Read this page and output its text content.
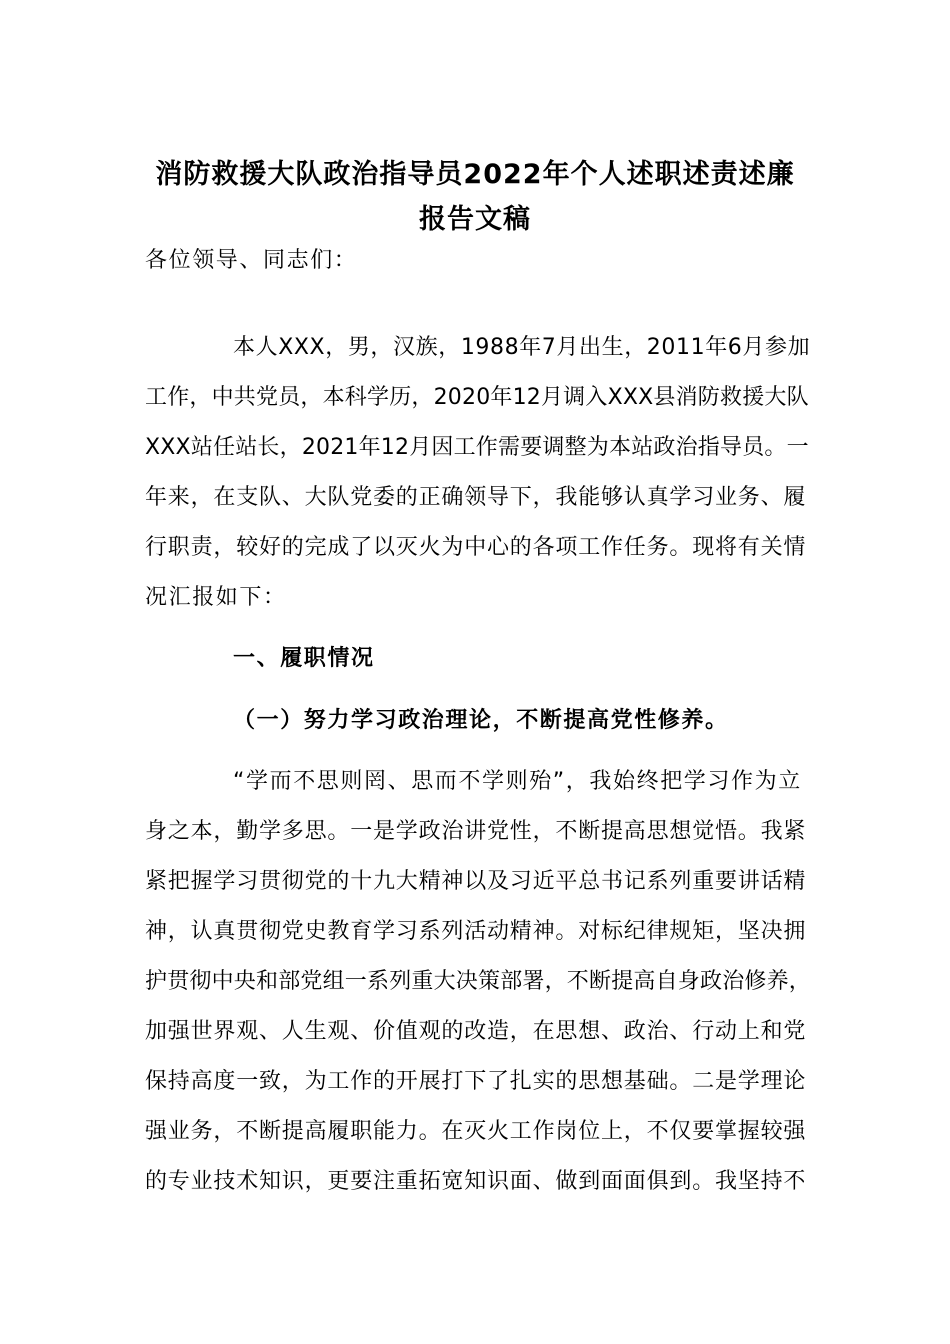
消防救援大队政治指导员2022年个人述职述责述廉
报告文稿
各位领导、同志们：
本人XXX，男，汉族，1988年7月出生，2011年6月参加
工作，中共党员，本科学历，2020年12月调入XXX县消防救援大队
XXX站任站长，2021年12月因工作需要调整为本站政治指导员。一
年来，在支队、大队党委的正确领导下，我能够认真学习业务、履
行职责，较好的完成了以灭火为中心的各项工作任务。现将有关情
况汇报如下：
一、履职情况
（一）努力学习政治理论，不断提高党性修养。
“学而不思则罔、思而不学则殆”，我始终把学习作为立
身之本，勤学多思。一是学政治讲党性，不断提高思想觉悟。我紧
紧把握学习贯彻党的十九大精神以及习近平总书记系列重要讲话精
神，认真贯彻党史教育学习系列活动精神。对标纪律规矩，坚决拥
护贯彻中央和部党组一系列重大决策部署，不断提高自身政治修养，
加强世界观、人生观、价值观的改造，在思想、政治、行动上和党
保持高度一致，为工作的开展打下了扎实的思想基础。二是学理论
强业务，不断提高履职能力。在灭火工作岗位上，不仅要掌握较强
的专业技术知识，更要注重拓宽知识面、做到面面俱到。我坚持不
